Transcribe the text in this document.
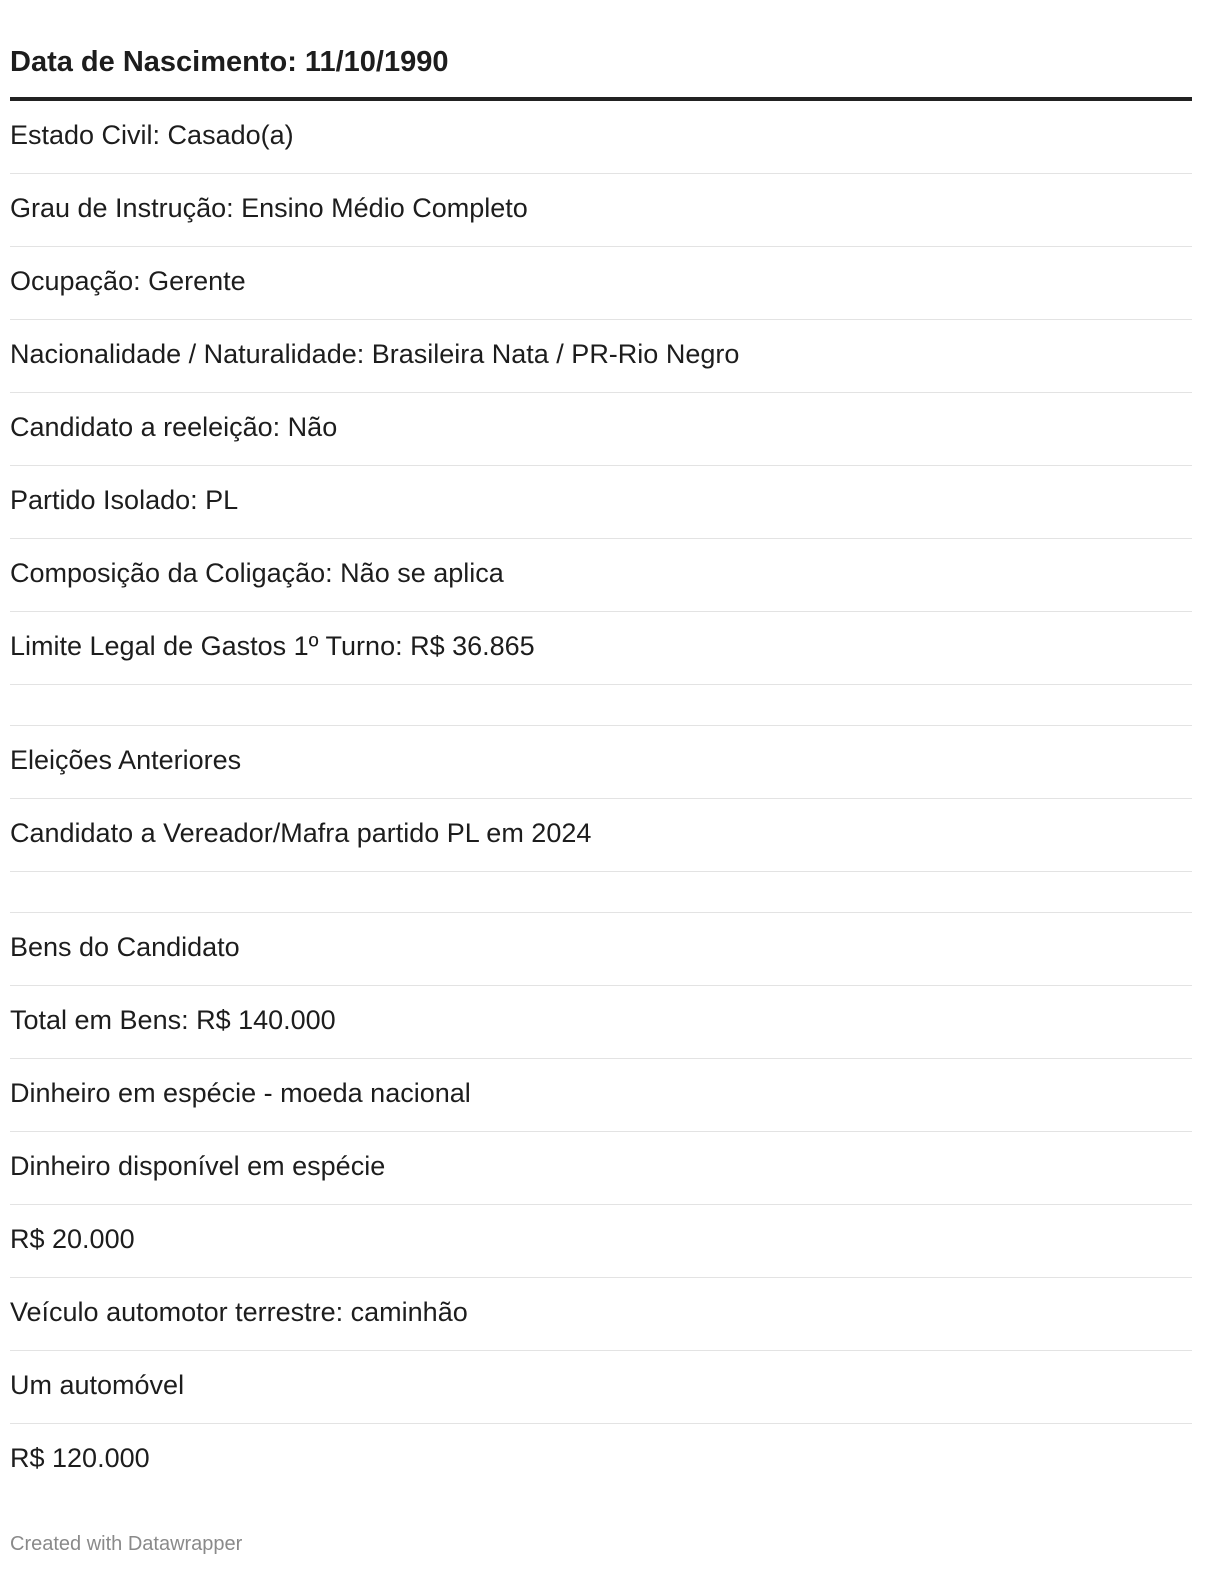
Data de Nascimento: 11/10/1990
Estado Civil: Casado(a)
Grau de Instrução: Ensino Médio Completo
Ocupação: Gerente
Nacionalidade / Naturalidade: Brasileira Nata / PR-Rio Negro
Candidato a reeleição: Não
Partido Isolado: PL
Composição da Coligação: Não se aplica
Limite Legal de Gastos 1º Turno: R$ 36.865
Eleições Anteriores
Candidato a Vereador/Mafra partido PL em 2024
Bens do Candidato
Total em Bens: R$ 140.000
Dinheiro em espécie - moeda nacional
Dinheiro disponível em espécie
R$ 20.000
Veículo automotor terrestre: caminhão
Um automóvel
R$ 120.000
Created with Datawrapper
